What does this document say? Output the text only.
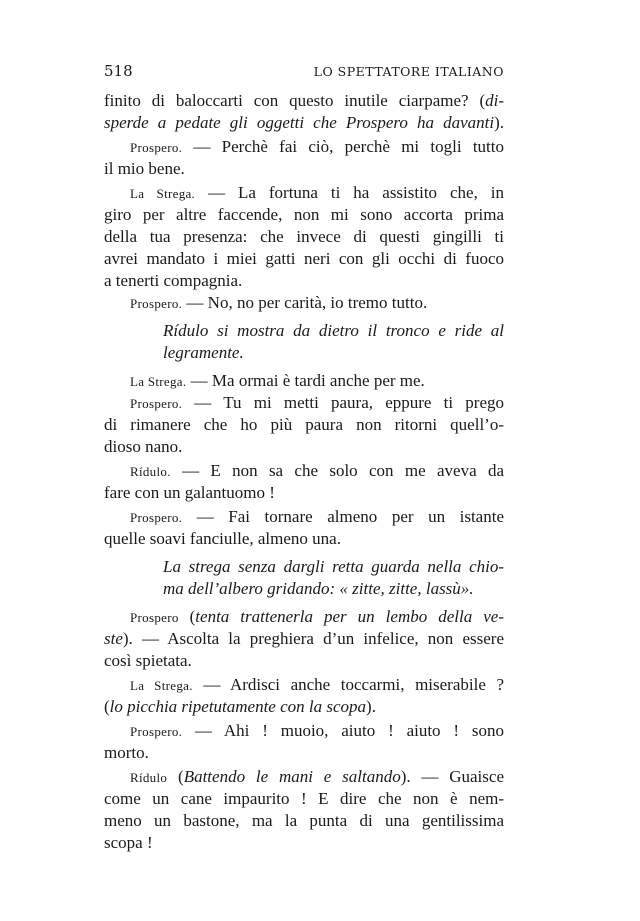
518	LO SPETTATORE ITALIANO
finito di baloccarti con questo inutile ciarpame? (di-
sperde a pedate gli oggetti che Prospero ha davanti).
Prospero. — Perchè fai ciò, perchè mi togli tutto
il mio bene.
La Strega. — La fortuna ti ha assistito che, in
giro per altre faccende, non mi sono accorta prima
della tua presenza: che invece di questi gingilli ti
avrei mandato i miei gatti neri con gli occhi di fuoco
a tenerti compagnia.
Prospero. — No, no per carità, io tremo tutto.
Rídulo si mostra da dietro il tronco e ride al
legramente.
La Strega. — Ma ormai è tardi anche per me.
Prospero. — Tu mi metti paura, eppure ti prego
di rimanere che ho più paura non ritorni quell’o-
dioso nano.
Rídulo. — E non sa che solo con me aveva da
fare con un galantuomo !
Prospero. — Fai tornare almeno per un istante
quelle soavi fanciulle, almeno una.
La strega senza dargli retta guarda nella chio-
ma dell’albero gridando: « zitte, zitte, lassù».
Prospero (tenta trattenerla per un lembo della ve-
ste). — Ascolta la preghiera d’un infelice, non essere
così spietata.
La Strega. — Ardisci anche toccarmi, miserabile ?
(lo picchia ripetutamente con la scopa).
Prospero. — Ahi ! muoio, aiuto ! aiuto ! sono
morto.
Rídulo (Battendo le mani e saltando). — Guaisce
come un cane impaurito ! E dire che non è nem-
meno un bastone, ma la punta di una gentilissima
scopa !
